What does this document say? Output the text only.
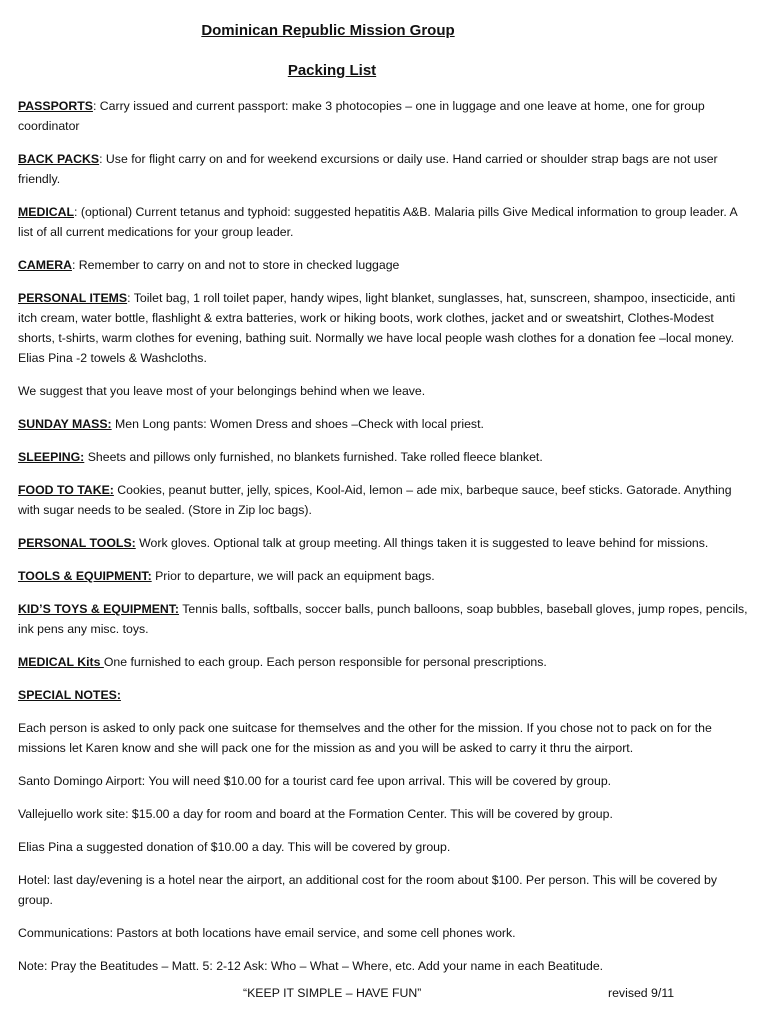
Dominican Republic Mission Group
Packing List

PASSPORTS: Carry issued and current passport: make 3 photocopies – one in luggage and one leave at home, one for group coordinator

BACK PACKS: Use for flight carry on and for weekend excursions or daily use. Hand carried or shoulder strap bags are not user friendly.

MEDICAL: (optional) Current tetanus and typhoid: suggested hepatitis A&B. Malaria pills Give Medical information to group leader. A list of all current medications for your group leader.

CAMERA: Remember to carry on and not to store in checked luggage

PERSONAL ITEMS: Toilet bag, 1 roll toilet paper, handy wipes, light blanket, sunglasses, hat, sunscreen, shampoo, insecticide, anti itch cream, water bottle, flashlight & extra batteries, work or hiking boots, work clothes, jacket and or sweatshirt, Clothes-Modest shorts, t-shirts, warm clothes for evening, bathing suit. Normally we have local people wash clothes for a donation fee –local money. Elias Pina -2 towels & Washcloths.

We suggest that you leave most of your belongings behind when we leave.

SUNDAY MASS: Men Long pants: Women Dress and shoes –Check with local priest.

SLEEPING: Sheets and pillows only furnished, no blankets furnished. Take rolled fleece blanket.

FOOD TO TAKE: Cookies, peanut butter, jelly, spices, Kool-Aid, lemon – ade mix, barbeque sauce, beef sticks. Gatorade. Anything with sugar needs to be sealed. (Store in Zip loc bags).

PERSONAL TOOLS: Work gloves. Optional talk at group meeting. All things taken it is suggested to leave behind for missions.

TOOLS & EQUIPMENT: Prior to departure, we will pack an equipment bags.

KID’S TOYS & EQUIPMENT: Tennis balls, softballs, soccer balls, punch balloons, soap bubbles, baseball gloves, jump ropes, pencils, ink pens any misc. toys.

MEDICAL Kits One furnished to each group. Each person responsible for personal prescriptions.

SPECIAL NOTES:

Each person is asked to only pack one suitcase for themselves and the other for the mission. If you chose not to pack on for the missions let Karen know and she will pack one for the mission as and you will be asked to carry it thru the airport.

Santo Domingo Airport: You will need $10.00 for a tourist card fee upon arrival. This will be covered by group.

Vallejuello work site: $15.00 a day for room and board at the Formation Center. This will be covered by group.

Elias Pina a suggested donation of $10.00 a day. This will be covered by group.

Hotel: last day/evening is a hotel near the airport, an additional cost for the room about $100. Per person. This will be covered by group.

Communications: Pastors at both locations have email service, and some cell phones work.

Note: Pray the Beatitudes – Matt. 5: 2-12 Ask: Who – What – Where, etc. Add your name in each Beatitude.

“KEEP IT SIMPLE – HAVE FUN”	revised 9/11
